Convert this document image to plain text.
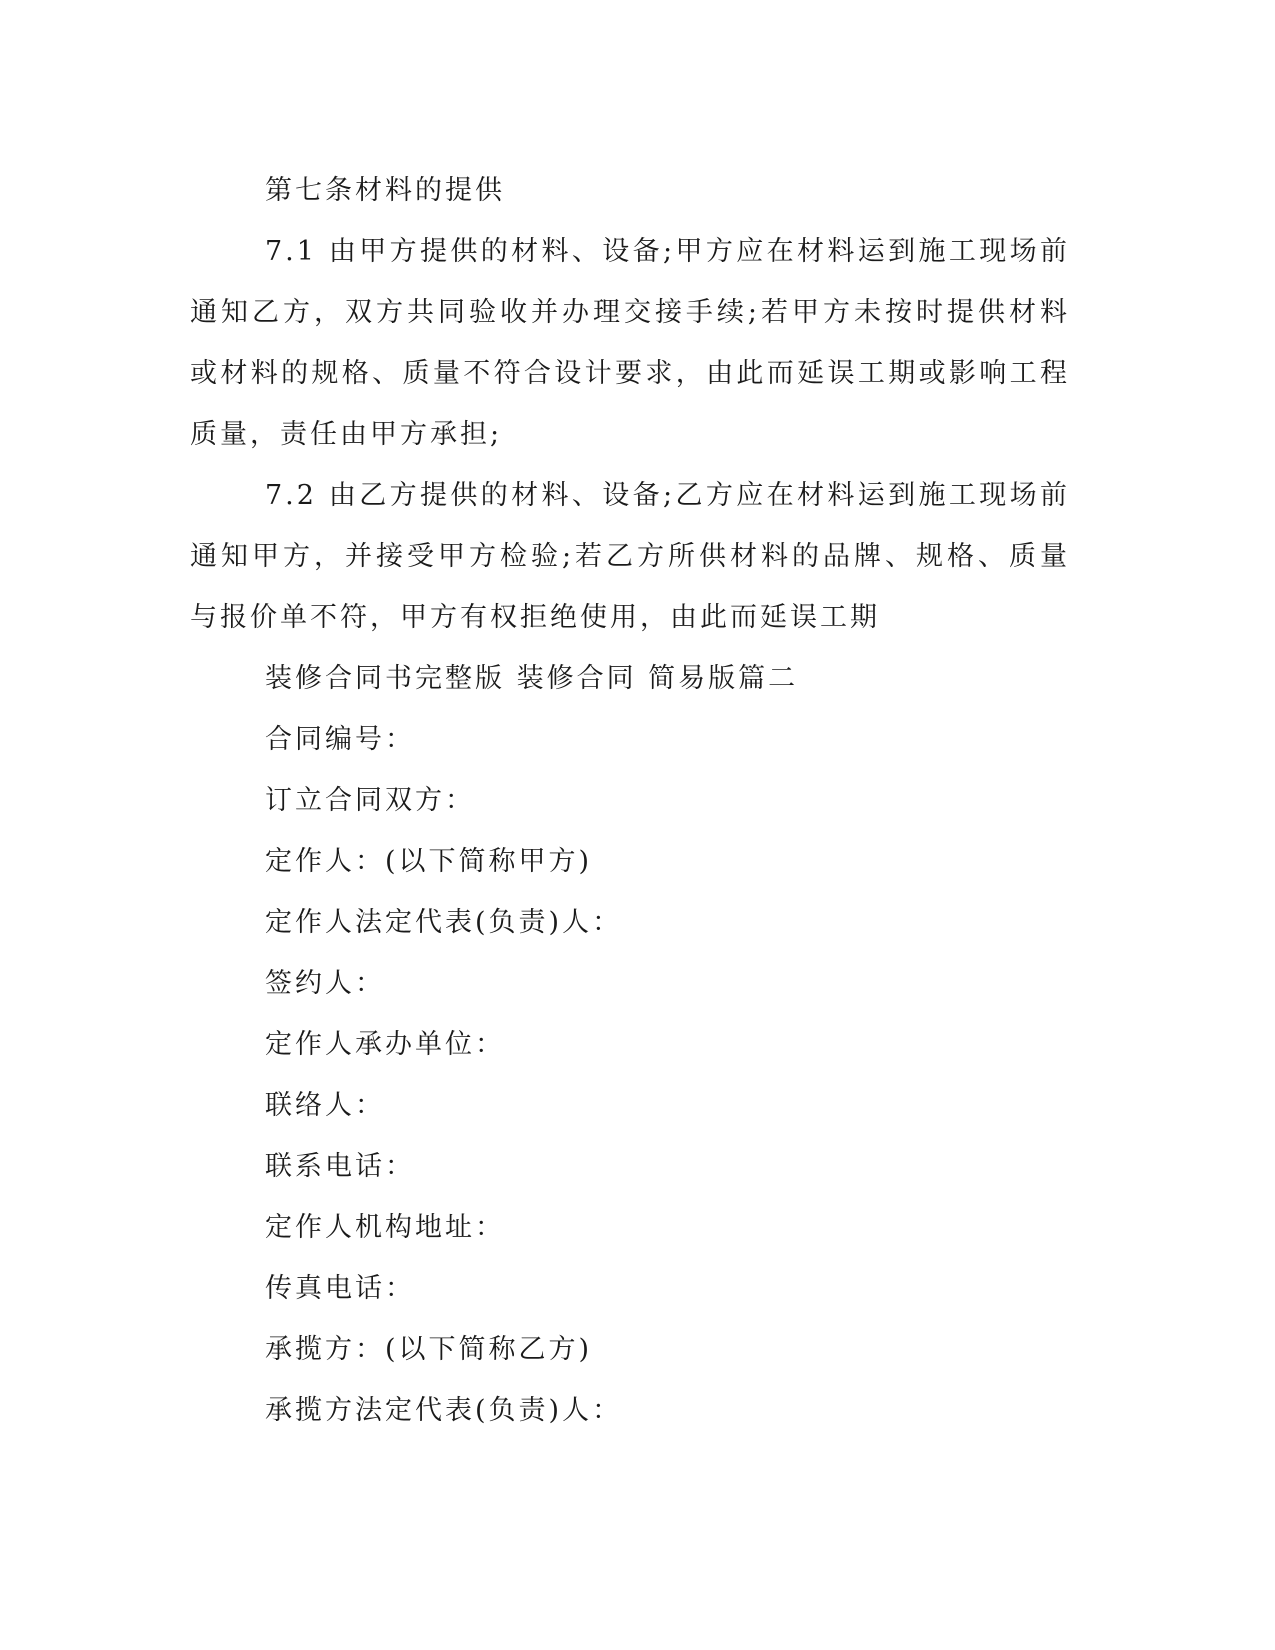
第七条材料的提供
7.1 由甲方提供的材料、设备;甲方应在材料运到施工现场前通知乙方，双方共同验收并办理交接手续;若甲方未按时提供材料或材料的规格、质量不符合设计要求，由此而延误工期或影响工程质量，责任由甲方承担;
7.2 由乙方提供的材料、设备;乙方应在材料运到施工现场前通知甲方，并接受甲方检验;若乙方所供材料的品牌、规格、质量与报价单不符，甲方有权拒绝使用，由此而延误工期
装修合同书完整版 装修合同 简易版篇二
合同编号：
订立合同双方：
定作人：(以下简称甲方)
定作人法定代表(负责)人：
签约人：
定作人承办单位：
联络人：
联系电话：
定作人机构地址：
传真电话：
承揽方：(以下简称乙方)
承揽方法定代表(负责)人：
